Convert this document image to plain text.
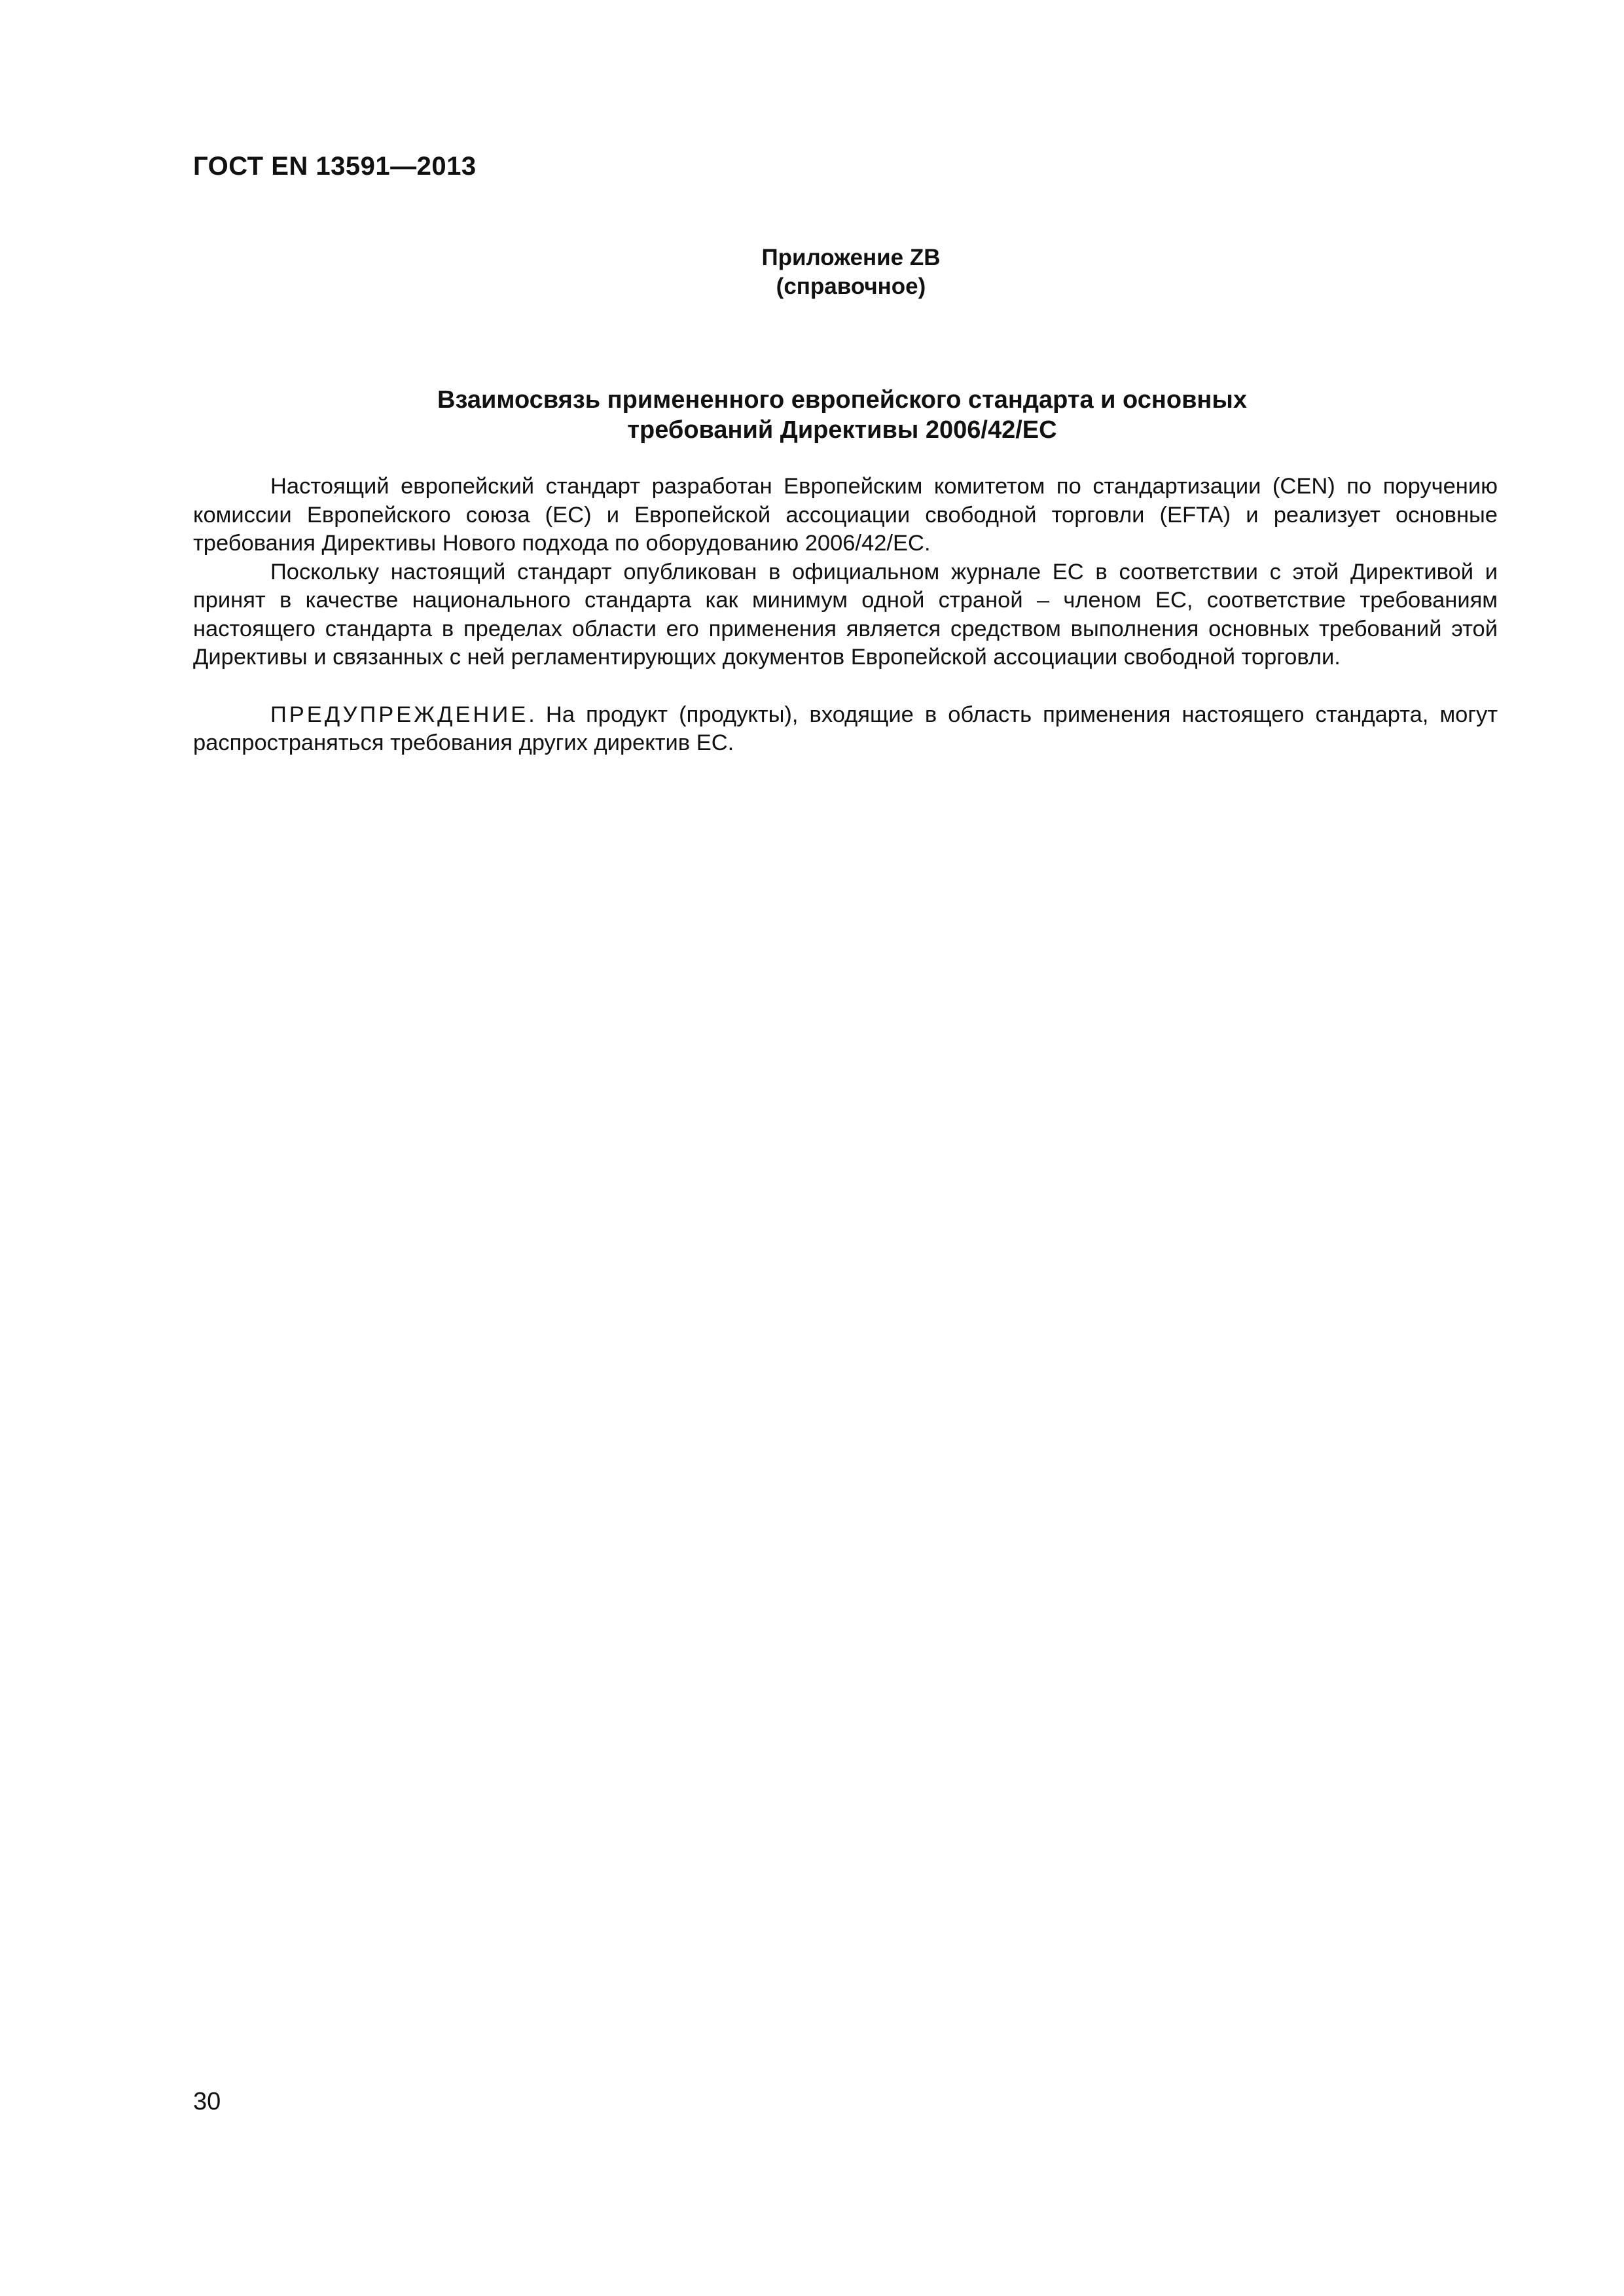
ГОСТ EN 13591—2013
Приложение ZB
(справочное)
Взаимосвязь примененного европейского стандарта и основных
требований Директивы 2006/42/ЕС

Настоящий европейский стандарт разработан Европейским комитетом по стандартизации (CEN) по поручению комиссии Европейского союза (ЕС) и Европейской ассоциации свободной торговли (EFTA) и реализует основные требования Директивы Нового подхода по оборудованию 2006/42/ЕС.

Поскольку настоящий стандарт опубликован в официальном журнале ЕС в соответствии с этой Директивой и принят в качестве национального стандарта как минимум одной страной – членом ЕС, соответствие требованиям настоящего стандарта в пределах области его применения является средством выполнения основных требований этой Директивы и связанных с ней регламентирующих документов Европейской ассоциации свободной торговли.

ПРЕДУПРЕЖДЕНИЕ. На продукт (продукты), входящие в область применения настоящего стандарта, могут распространяться требования других директив ЕС.

30
